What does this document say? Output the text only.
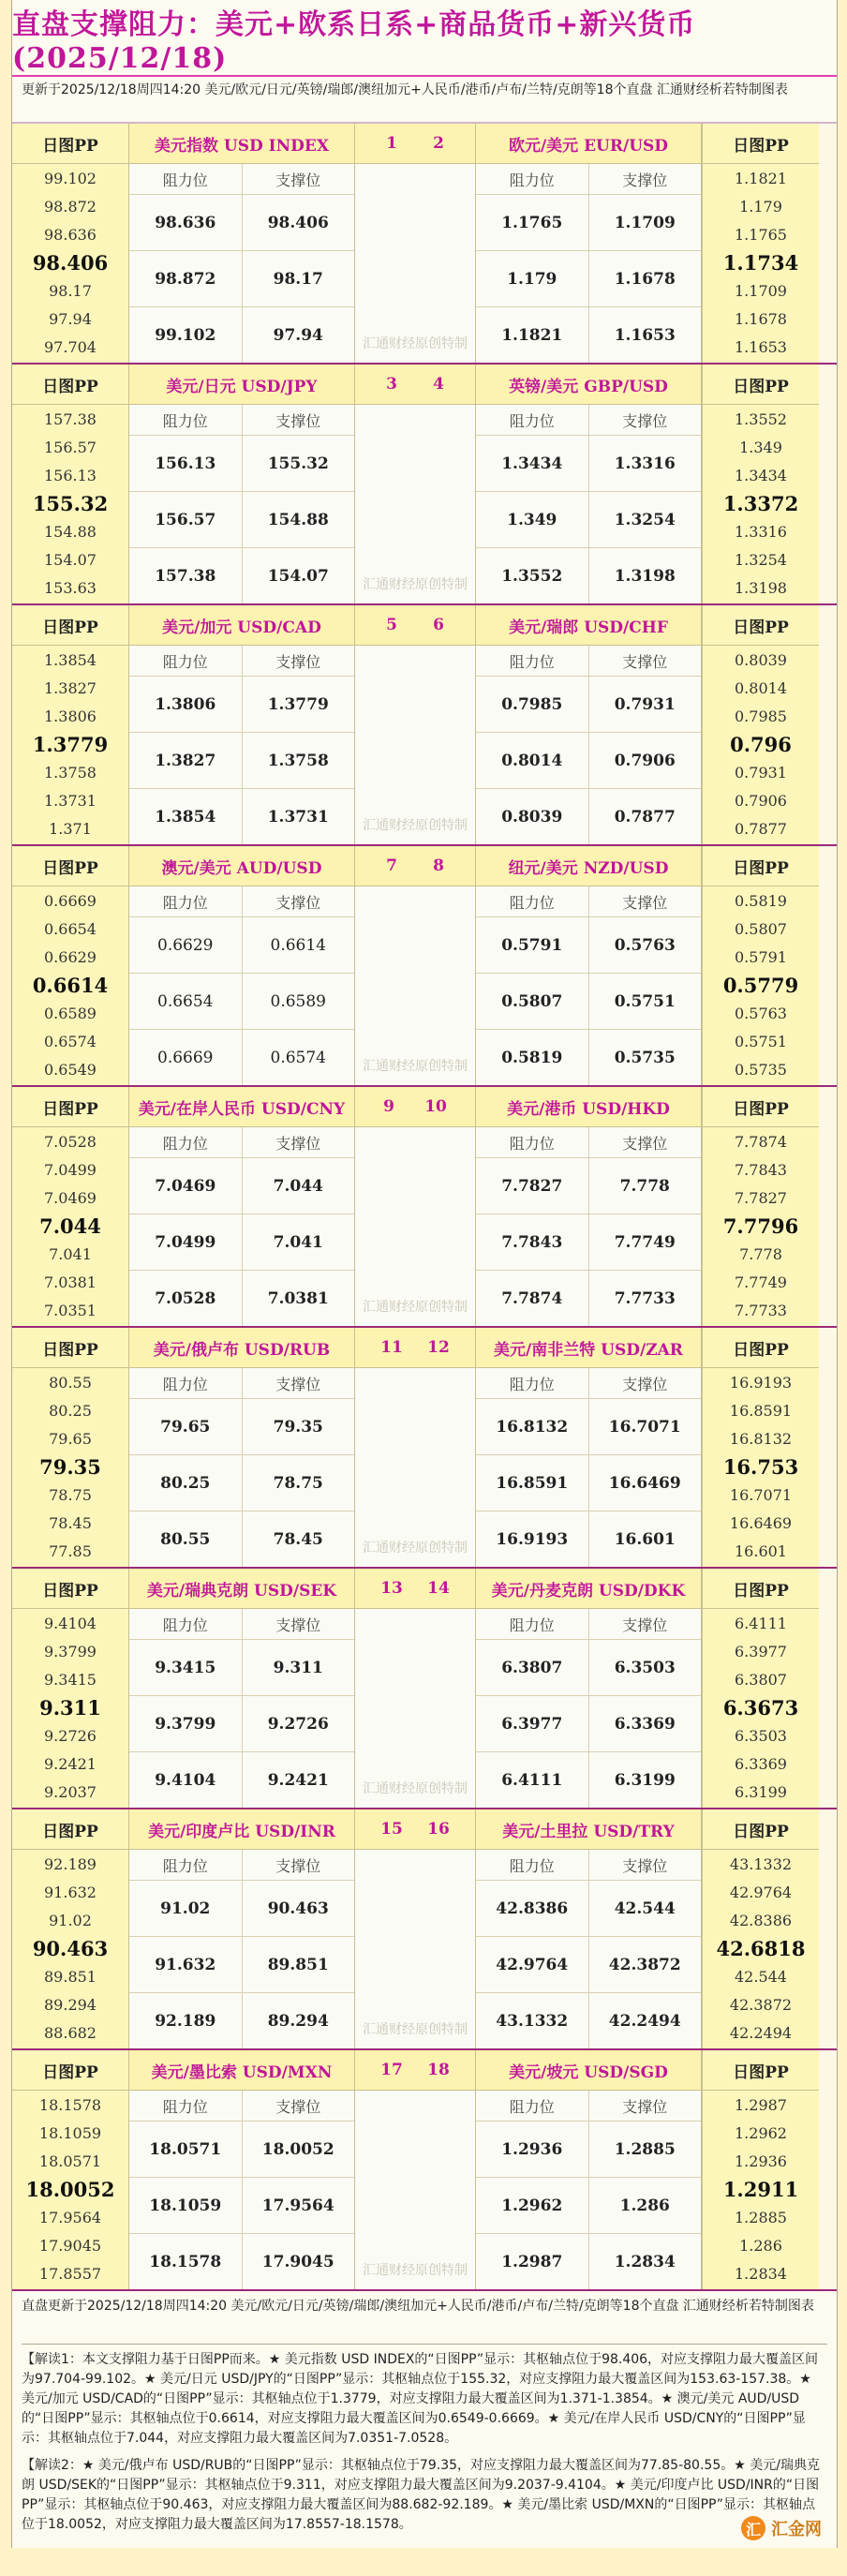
直盘支撑阻力：美元+欧系日系+商品货币+新兴货币(2025/12/18)
更新于2025/12/18周四14:20 美元/欧元/日元/英镑/瑞郎/澳纽加元+人民币/港币/卢布/兰特/克朗等18个直盘 汇通财经析若特制图表
日图PP
99.102
98.872
98.636
98.406
98.17
97.94
97.704
美元指数 USD INDEX
阻力位	支撑位
98.636	98.406
98.872	98.17
99.102	97.94
1 2
汇通财经 原创特制
欧元/美元 EUR/USD
阻力位	支撑位
1.1765	1.1709
1.179	1.1678
1.1821	1.1653
日图PP
1.1821
1.179
1.1765
1.1734
1.1709
1.1678
1.1653
日图PP
157.38
156.57
156.13
155.32
154.88
154.07
153.63
美元/日元 USD/JPY
阻力位	支撑位
156.13	155.32
156.57	154.88
157.38	154.07
3 4
汇通财经 原创特制
英镑/美元 GBP/USD
阻力位	支撑位
1.3434	1.3316
1.349	1.3254
1.3552	1.3198
日图PP
1.3552
1.349
1.3434
1.3372
1.3316
1.3254
1.3198
日图PP
1.3854
1.3827
1.3806
1.3779
1.3758
1.3731
1.371
美元/加元 USD/CAD
阻力位	支撑位
1.3806	1.3779
1.3827	1.3758
1.3854	1.3731
5 6
汇通财经 原创特制
美元/瑞郎 USD/CHF
阻力位	支撑位
0.7985	0.7931
0.8014	0.7906
0.8039	0.7877
日图PP
0.8039
0.8014
0.7985
0.796
0.7931
0.7906
0.7877
日图PP
0.6669
0.6654
0.6629
0.6614
0.6589
0.6574
0.6549
澳元/美元 AUD/USD
阻力位	支撑位
0.6629	0.6614
0.6654	0.6589
0.6669	0.6574
7 8
汇通财经 原创特制
纽元/美元 NZD/USD
阻力位	支撑位
0.5791	0.5763
0.5807	0.5751
0.5819	0.5735
日图PP
0.5819
0.5807
0.5791
0.5779
0.5763
0.5751
0.5735
日图PP
7.0528
7.0499
7.0469
7.044
7.041
7.0381
7.0351
美元/在岸人民币 USD/CNY
阻力位	支撑位
7.0469	7.044
7.0499	7.041
7.0528	7.0381
9 10
汇通财经 原创特制
美元/港币 USD/HKD
阻力位	支撑位
7.7827	7.778
7.7843	7.7749
7.7874	7.7733
日图PP
7.7874
7.7843
7.7827
7.7796
7.778
7.7749
7.7733
日图PP
80.55
80.25
79.65
79.35
78.75
78.45
77.85
美元/俄卢布 USD/RUB
阻力位	支撑位
79.65	79.35
80.25	78.75
80.55	78.45
11 12
汇通财经 原创特制
美元/南非兰特 USD/ZAR
阻力位	支撑位
16.8132	16.7071
16.8591	16.6469
16.9193	16.601
日图PP
16.9193
16.8591
16.8132
16.753
16.7071
16.6469
16.601
日图PP
9.4104
9.3799
9.3415
9.311
9.2726
9.2421
9.2037
美元/瑞典克朗 USD/SEK
阻力位	支撑位
9.3415	9.311
9.3799	9.2726
9.4104	9.2421
13 14
汇通财经 原创特制
美元/丹麦克朗 USD/DKK
阻力位	支撑位
6.3807	6.3503
6.3977	6.3369
6.4111	6.3199
日图PP
6.4111
6.3977
6.3807
6.3673
6.3503
6.3369
6.3199
日图PP
92.189
91.632
91.02
90.463
89.851
89.294
88.682
美元/印度卢比 USD/INR
阻力位	支撑位
91.02	90.463
91.632	89.851
92.189	89.294
15 16
汇通财经 原创特制
美元/土里拉 USD/TRY
阻力位	支撑位
42.8386	42.544
42.9764	42.3872
43.1332	42.2494
日图PP
43.1332
42.9764
42.8386
42.6818
42.544
42.3872
42.2494
日图PP
18.1578
18.1059
18.0571
18.0052
17.9564
17.9045
17.8557
美元/墨比索 USD/MXN
阻力位	支撑位
18.0571	18.0052
18.1059	17.9564
18.1578	17.9045
17 18
汇通财经 原创特制
美元/坡元 USD/SGD
阻力位	支撑位
1.2936	1.2885
1.2962	1.286
1.2987	1.2834
日图PP
1.2987
1.2962
1.2936
1.2911
1.2885
1.286
1.2834
直盘更新于2025/12/18周四14:20 美元/欧元/日元/英镑/瑞郎/澳纽加元+人民币/港币/卢布/兰特/克朗等18个直盘 汇通财经析若特制图表
【解读1：本文支撑阻力基于日图PP而来。★ 美元指数 USD INDEX的“日图PP”显示：其枢轴点位于98.406，对应支撑阻力最大覆盖区间为97.704-99.102。★ 美元/日元 USD/JPY的“日图PP”显示：其枢轴点位于155.32，对应支撑阻力最大覆盖区间为153.63-157.38。★ 美元/加元 USD/CAD的“日图PP”显示：其枢轴点位于1.3779，对应支撑阻力最大覆盖区间为1.371-1.3854。★ 澳元/美元 AUD/USD的“日图PP”显示：其枢轴点位于0.6614，对应支撑阻力最大覆盖区间为0.6549-0.6669。★ 美元/在岸人民币 USD/CNY的“日图PP”显示：其枢轴点位于7.044，对应支撑阻力最大覆盖区间为7.0351-7.0528。
【解读2：★ 美元/俄卢布 USD/RUB的“日图PP”显示：其枢轴点位于79.35，对应支撑阻力最大覆盖区间为77.85-80.55。★ 美元/瑞典克朗 USD/SEK的“日图PP”显示：其枢轴点位于9.311，对应支撑阻力最大覆盖区间为9.2037-9.4104。★ 美元/印度卢比 USD/INR的“日图PP”显示：其枢轴点位于90.463，对应支撑阻力最大覆盖区间为88.682-92.189。★ 美元/墨比索 USD/MXN的“日图PP”显示：其枢轴点位于18.0052，对应支撑阻力最大覆盖区间为17.8557-18.1578。	汇 汇金网
